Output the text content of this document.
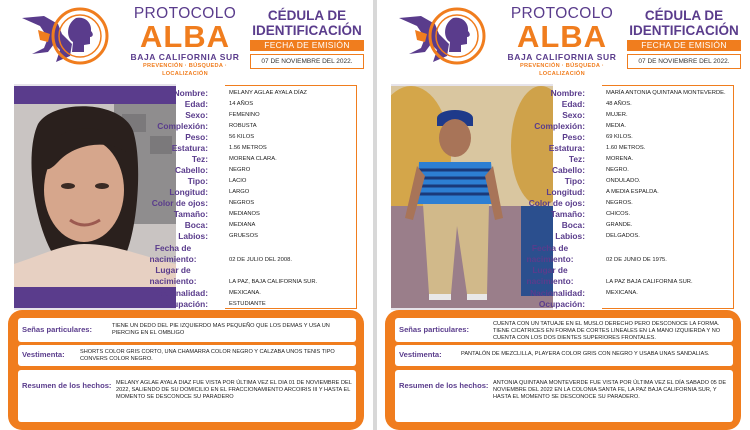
PROTOCOLO
ALBA
BAJA CALIFORNIA SUR
PREVENCIÓN · BÚSQUEDA · LOCALIZACIÓN
CÉDULA DE
IDENTIFICACIÓN
FECHA DE EMISIÓN
07 DE NOVIEMBRE DEL 2022.
Señas particulares:	TIENE UN DEDO DEL PIE IZQUIERDO MAS PEQUEÑO QUE LOS DEMAS Y USA UN PIERCING EN EL OMBLIGO
Vestimenta:	SHORTS COLOR GRIS CORTO, UNA CHAMARRA COLOR NEGRO Y CALZABA UNOS TENIS TIPO CONVERS COLOR NEGRO.
Resumen de los hechos: MELANY AGLAE AYALA DIAZ FUE VISTA POR ÚLTIMA VEZ EL DIA 01 DE NOVIEMBRE DEL 2022, SALIENDO DE SU DOMICILIO EN EL FRACCIONAMIENTO ARCOIRIS III Y HASTA EL MOMENTO SE DESCONOCE SU PARADERO
Nombre:	MELANY AGLAE AYALA DÍAZ
Edad:	14 AÑOS
Sexo:	FEMENINO
Complexión:	ROBUSTA
Peso:	56 KILOS
Estatura:	1.56 METROS
Tez:	MORENA CLARA.
Cabello:	NEGRO
Tipo:	LACIO
Longitud:	LARGO
Color de ojos:	NEGROS
Tamaño:	MEDIANOS
Boca:	MEDIANA
Labios:	GRUESOS
Fecha de nacimiento:	02 DE JULIO DEL 2008.
Lugar de nacimiento:	LA PAZ, BAJA CALIFORNIA SUR.
Nacionalidad:	MEXICANA.
Ocupación:	ESTUDIANTE
PROTOCOLO
ALBA
BAJA CALIFORNIA SUR
PREVENCIÓN · BÚSQUEDA · LOCALIZACIÓN
CÉDULA DE
IDENTIFICACIÓN
FECHA DE EMISIÓN
07 DE NOVIEMBRE DEL 2022.
Señas particulares:
CUENTA CON UN TATUAJE EN EL MUSLO DERECHO PERO DESCONOCE LA FORMA. TIENE CICATRICES EN FORMA DE CORTES LINEALES EN LA MANO IZQUIERDA Y NO CUENTA CON LOS DOS DIENTES SUPERIORES FRONTALES.
Vestimenta:	PANTALÓN DE MEZCLILLA, PLAYERA COLOR GRIS CON NEGRO Y USABA UNAS SANDALIAS.
Resumen de los hechos: ANTONIA QUINTANA MONTEVERDE FUE VISTA POR ÚLTIMA VEZ EL DÍA SABADO 05 DE NOVIEMBRE DEL 2022 EN LA COLONIA SANTA FE, LA PAZ BAJA CALIFORNIA SUR, Y HASTA EL MOMENTO SE DESCONOCE SU PARADERO.
Nombre:	MARÍA ANTONIA QUINTANA MONTEVERDE.
Edad:	48 AÑOS.
Sexo:	MUJER.
Complexión:	MEDIA.
Peso:	69 KILOS.
Estatura:	1.60 METROS.
Tez:	MORENA.
Cabello:	NEGRO.
Tipo:	ONDULADO.
Longitud:	A MEDIA ESPALDA.
Color de ojos:	NEGROS.
Tamaño:	CHICOS.
Boca:	GRANDE.
Labios:	DELGADOS.
Fecha de nacimiento:	02 DE JUNIO DE 1975.
Lugar de nacimiento:	LA PAZ BAJA CALIFORNIA SUR.
Nacionalidad:	MEXICANA.
Ocupación:
